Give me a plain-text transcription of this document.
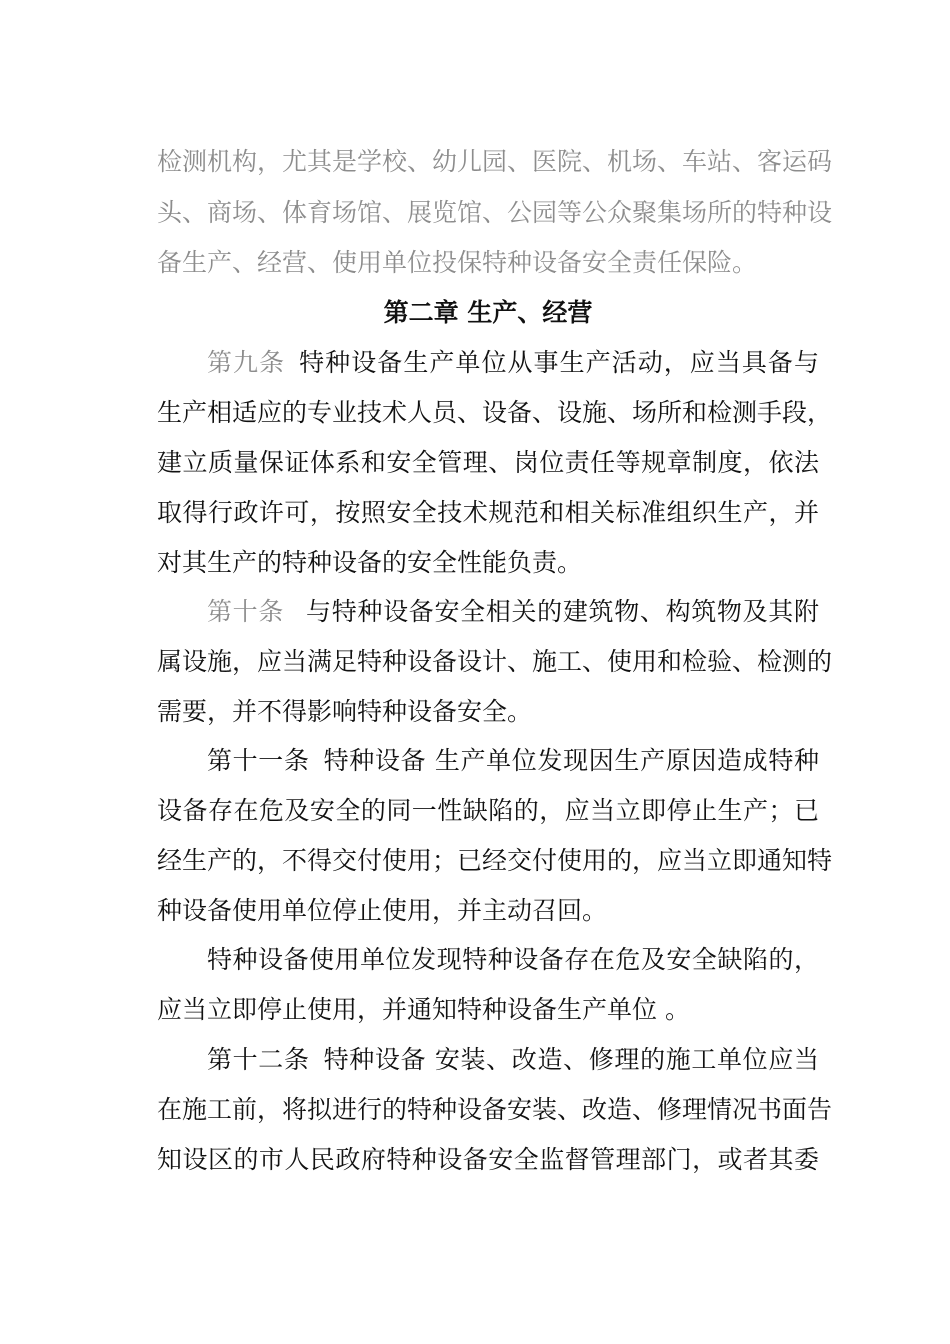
检测机构，尤其是学校、幼儿园、医院、机场、车站、客运码
头、商场、体育场馆、展览馆、公园等公众聚集场所的特种设
备生产、经营、使用单位投保特种设备安全责任保险。
第二章 生产、经营
第九条 特种设备生产单位从事生产活动，应当具备与
生产相适应的专业技术人员、设备、设施、场所和检测手段，
建立质量保证体系和安全管理、岗位责任等规章制度，依法
取得行政许可，按照安全技术规范和相关标准组织生产，并
对其生产的特种设备的安全性能负责。
第十条 与特种设备安全相关的建筑物、构筑物及其附
属设施，应当满足特种设备设计、施工、使用和检验、检测的
需要，并不得影响特种设备安全。
第十一条 特种设备 生产单位发现因生产原因造成特种
设备存在危及安全的同一性缺陷的，应当立即停止生产；已
经生产的，不得交付使用；已经交付使用的，应当立即通知特
种设备使用单位停止使用，并主动召回。
特种设备使用单位发现特种设备存在危及安全缺陷的，
应当立即停止使用，并通知特种设备生产单位 。
第十二条 特种设备 安装、改造、修理的施工单位应当
在施工前，将拟进行的特种设备安装、改造、修理情况书面告
知设区的市人民政府特种设备安全监督管理部门，或者其委
